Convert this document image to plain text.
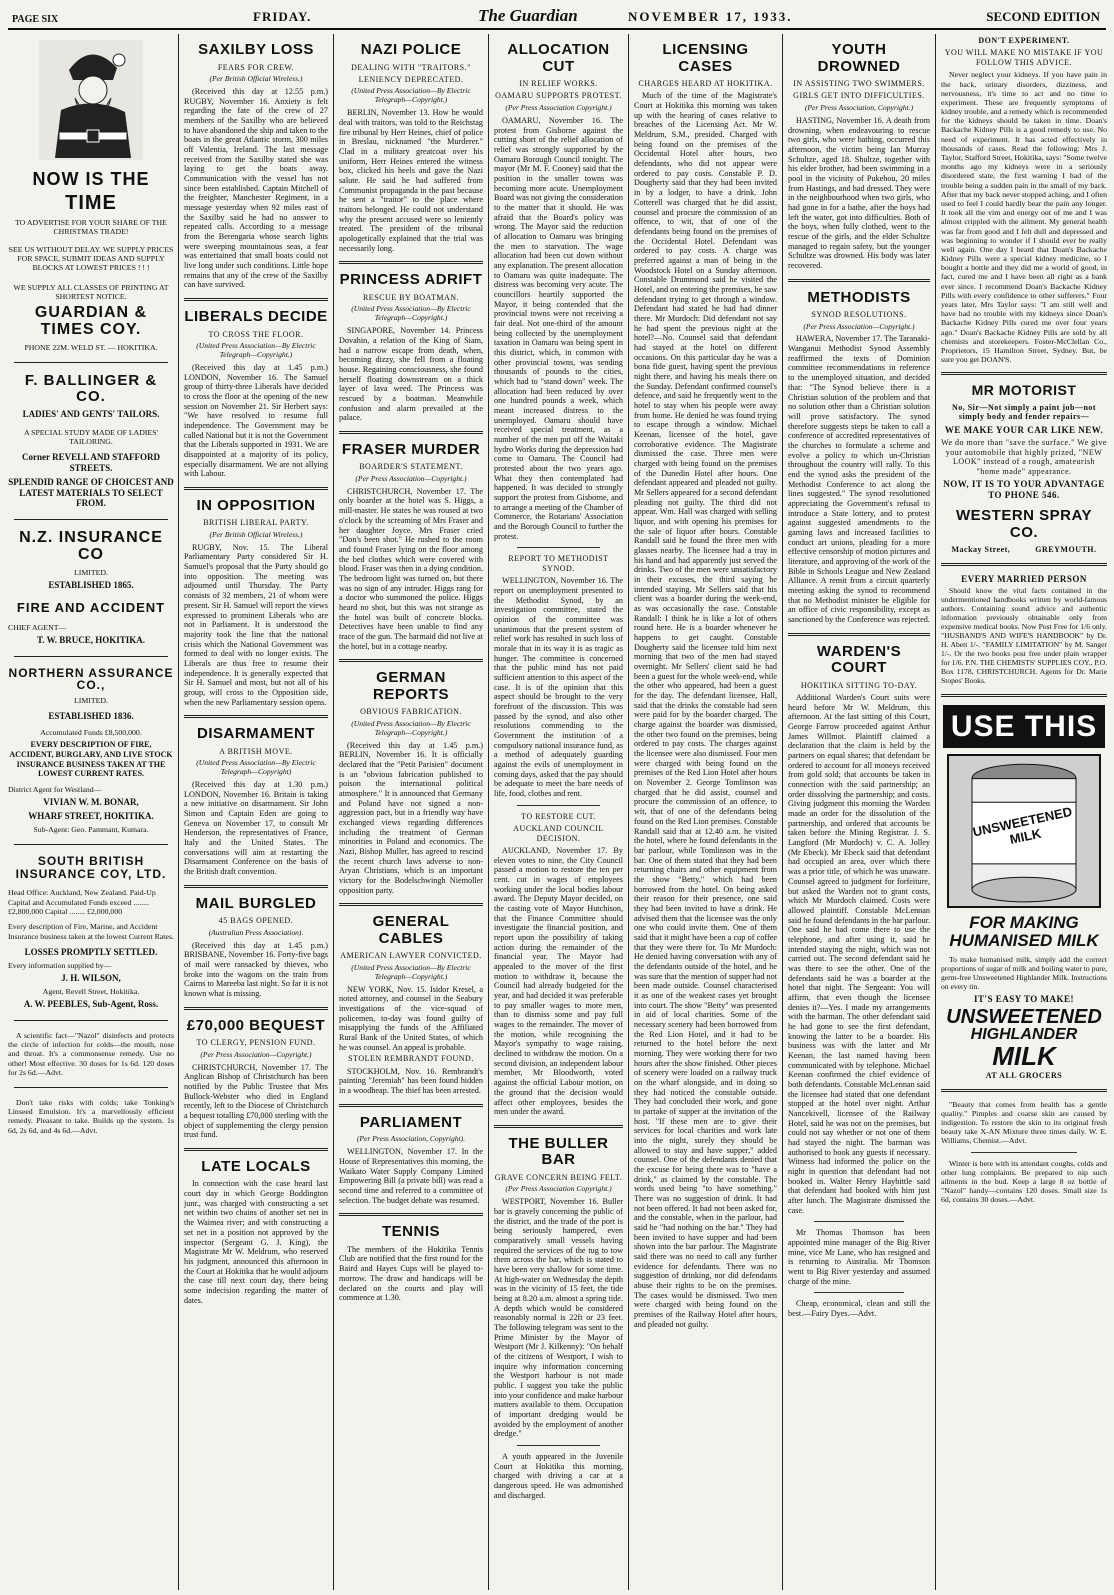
PAGE SIX	FRIDAY.	The Guardian	NOVEMBER 17, 1933.	SECOND EDITION
NOW IS THE
TIME
TO ADVERTISE FOR YOUR SHARE OF THE CHRISTMAS TRADE!
SEE US WITHOUT DELAY. WE SUPPLY PRICES FOR SPACE, SUBMIT IDEAS AND SUPPLY BLOCKS AT LOWEST PRICES ! ! !
WE SUPPLY ALL CLASSES OF PRINTING AT SHORTEST NOTICE.
GUARDIAN & TIMES COY.
PHONE 22M. WELD ST. — HOKITIKA.
F. BALLINGER & CO.
LADIES' AND GENTS' TAILORS.
A SPECIAL STUDY MADE OF LADIES' TAILORING.
Corner REVELL AND STAFFORD STREETS.
SPLENDID RANGE OF CHOICEST AND LATEST MATERIALS TO SELECT FROM.
N.Z. INSURANCE CO
LIMITED.
ESTABLISHED 1865.
FIRE AND ACCIDENT
CHIEF AGENT—
T. W. BRUCE, HOKITIKA.
NORTHERN ASSURANCE CO.,
LIMITED.
ESTABLISHED 1836.
Accumulated Funds £8,500,000.
EVERY DESCRIPTION OF FIRE, ACCIDENT, BURGLARY, AND LIVE STOCK INSURANCE BUSINESS TAKEN AT THE LOWEST CURRENT RATES.
District Agent for Westland—
VIVIAN W. M. BONAR,
WHARF STREET, HOKITIKA.
Sub-Agent: Geo. Pammant, Kumara.
SOUTH BRITISH INSURANCE COY, LTD.
Head Office: Auckland, New Zealand. Paid-Up Capital and Accumulated Funds exceed ........ £2,800,000 Capital ........ £2,000,000
Every description of Fire, Marine, and Accident Insurance business taken at the lowest Current Rates.
LOSSES PROMPTLY SETTLED.
Every information supplied by—
J. H. WILSON,
Agent, Revell Street, Hokitika.
A. W. PEEBLES, Sub-Agent, Ross.

A scientific fact—"Nazol" disinfects and protects the circle of infection for colds—the mouth, nose and throat. It's a commonsense remedy. Use no other! Most effective. 30 doses for 1s 6d. 120 doses for 2s 6d.—Advt.

Don't take risks with colds; take Tonking's Linseed Emulsion. It's a marvellously efficient remedy. Pleasant to take. Builds up the system. 1s 6d, 2s 6d, and 4s 6d.—Advt.

SAXILBY LOSS
FEARS FOR CREW.
(Per British Official Wireless.)

(Received this day at 12.55 p.m.) RUGBY, November 16. Anxiety is felt regarding the fate of the crew of 27 members of the Saxilby who are believed to have abandoned the ship and taken to the boats in the great Atlantic storm, 300 miles off Valentia, Ireland. The last message received from the Saxilby stated she was laying to get the boats away. Communication with the vessel has not since been established. Captain Mitchell of the freighter, Manchester Regiment, in a message yesterday when 92 miles east of the Saxilby said he had no answer to repeated calls. According to a message from the Berengaria whose search lights were sweeping mountainous seas, a fear was entertained that small boats could not live long under such conditions. Little hope remains that any of the crew of the Saxilby can have survived.

LIBERALS DECIDE
TO CROSS THE FLOOR.
(United Press Association—By Electric Telegraph—Copyright.)

(Received this day at 1.45 p.m.) LONDON, November 16. The Samuel group of thirty-three Liberals have decided to cross the floor at the opening of the new session on November 21. Sir Herbert says: "We have resolved to resume full independence. The Government may be called National but it is not the Government that the Liberals supported in 1931. We are disappointed at a majority of its policy, especially disarmament. We are not allying with Labour.

IN OPPOSITION
BRITISH LIBERAL PARTY.
(Per British Official Wireless.)

RUGBY, Nov. 15. The Liberal Parliamentary Party considered Sir H. Samuel's proposal that the Party should go into opposition. The meeting was adjourned until Thursday. The Party consists of 32 members, 21 of whom were present. Sir H. Samuel will report the views expressed to prominent Liberals who are not in Parliament. It is understood the majority took the line that the national crisis which the National Government was formed to deal with no longer exists. The Liberals are thus free to resume their independence. It is generally expected that Sir H. Samuel and most, but not all of his group, will cross to the Opposition side, when the new Parliamentary session opens.

DISARMAMENT
A BRITISH MOVE.
(United Press Association—By Electric Telegraph—Copyright)

(Received this day at 1.30 p.m.) LONDON, November 16. Britain is taking a new initiative on disarmament. Sir John Simon and Captain Eden are going to Geneva on November 17, to consult Mr Henderson, the representatives of France, Italy and the United States. The conversations will aim at restarting the Disarmament Conference on the basis of the British draft convention.

MAIL BURGLED
45 BAGS OPENED.
(Australian Press Association).

(Received this day at 1.45 p.m.) BRISBANE, November 16. Forty-five bags of mail were ransacked by thieves, who broke into the wagons on the train from Cairns to Mareeba last night. So far it is not known what is missing.

£70,000 BEQUEST
TO CLERGY, PENSION FUND.
(Per Press Association—Copyright.)

CHRISTCHURCH, November 17. The Anglican Bishop of Christchurch has been notified by the Public Trustee that Mrs Bullock-Webster who died in England recently, left to the Diocese of Christchurch a bequest totalling £70,000 sterling with the object of supplementing the clergy pension trust fund.

LATE LOCALS

In connection with the case heard last court day in which George Boddington junr., was charged with constructing a set net within two chains of another set net in the Waimea river; and with constructing a set net in a position not approved by the inspector (Sergeant G. J. King), the Magistrate Mr W. Meldrum, who reserved his judgment, announced this afternoon in the Court at Hokitika that he would adjourn the case till next court day, there being some indecision regarding the matter of dates.

NAZI POLICE
DEALING WITH "TRAITORS."
LENIENCY DEPRECATED.
(United Press Association—By Electric Telegraph—Copyright.)

BERLIN, November 13. How he would deal with traitors, was told to the Reichstag fire tribunal by Herr Heines, chief of police in Breslau, nicknamed "the Murderer." Clad in a military greatcoat over his uniform, Herr Heines entered the witness box, clicked his heels and gave the Nazi salute. He said he had suffered from Communist propaganda in the past because he sent a "traitor" to the place where traitors belonged. He could not understand why the present accused were so leniently treated. The president of the tribunal apologetically explained that the trial was necessarily long.

PRINCESS ADRIFT
RESCUE BY BOATMAN.
(United Press Association—By Electric Telegraph—Copyright.)

SINGAPORE, November 14. Princess Dovahin, a relation of the King of Siam, had a narrow escape from death, when, becoming dizzy, she fell from a floating house. Regaining consciousness, she found herself floating downstream on a thick layer of lava weed. The Princess was rescued by a boatman. Meanwhile confusion and alarm prevailed at the palace.

FRASER MURDER
BOARDER'S STATEMENT.
(Per Press Association—Copyright.)

CHRISTCHURCH, November 17. The only boarder at the hotel was S. Higgs, a mill-master. He states he was roused at two o'clock by the screaming of Mrs Fraser and her daughter Joyce. Mrs Fraser cried "Don's been shot." He rushed to the room and found Fraser lying on the floor among the bed clothes which were covered with blood. Fraser was then in a dying condition. The bedroom light was turned on, but there was no sign of any intruder. Higgs rang for a doctor who summoned the police. Higgs heard no shot, but this was not strange as the hotel was built of concrete blocks. Detectives have been unable to find any trace of the gun. The harmaid did not live at the hotel, but in a cottage nearby.

GERMAN REPORTS
OBVIOUS FABRICATION.
(United Press Association—By Electric Telegraph—Copyright.)

(Received this day at 1.45 p.m.) BERLIN, November 16. It is officially declared that the "Petit Parisien" document is an "obvious fabrication published to poison the international political atmosphere." It is announced that Germany and Poland have not signed a non-aggression pact, but in a friendly way have exchanged views regarding differences including the treatment of German minorities in Poland and economics. The Nazi, Bishop Muller, has agreed to rescind the recent church laws adverse to non-Aryan Christians, which is an important victory for the Bodelschwingh Niemoller opposition party.

GENERAL CABLES
AMERICAN LAWYER CONVICTED.
(United Press Association—By Electric Telegraph—Copyright.)

NEW YORK, Nov. 15. Isidor Kresel, a noted attorney, and counsel in the Seabury investigations of the vice-squad of policemen, to-day was found guilty of misapplying the funds of the Affiliated Rural Bank of the United States, of which he was counsel. An appeal is probable.

STOLEN REMBRANDT FOUND.

STOCKHOLM, Nov. 16. Rembrandt's painting "Jeremiah" has been found hidden in a woodheap. The thief has been arrested.

PARLIAMENT
(Per Press Association, Copyright).

WELLINGTON, November 17. In the House of Representatives this morning, the Waikato Water Supply Company Limited Empowering Bill (a private bill) was read a second time and referred to a committee of selection. The budget debate was resumed.

TENNIS

The members of the Hokitika Tennis Club are notified that the first round for the Baird and Hayes Cups will be played to-morrow. The draw and handicaps will be declared on the courts and play will commence at 1.30.

ALLOCATION CUT
IN RELIEF WORKS.
OAMARU SUPPORTS PROTEST.
(Per Press Association Copyright.)

OAMARU, November 16. The protest from Gisborne against the cutting short of the relief allocation of relief was strongly supported by the Oamaru Borough Council tonight. The mayor (Mr M. F. Cooney) said that the position in the smaller towns was becoming more acute. Unemployment Board was not giving the consideration to the matter that it should. He was afraid that the Board's policy was wrong. The Mayor said the reduction of allocation to Oamaru was bringing the men to starvation. The wage allocation had been cut down without any explanation. The present allocation to Oamaru was quite inadequate. The distress was becoming very acute. The councillors heartily supported the Mayor, it being contended that the provincial towns were not receiving a fair deal. Not one-third of the amount being collected by the unemployment taxation in Oamaru was being spent in this district, which, in common with other provincial towns, was sending thousands of pounds to the cities, which had to "stand down" week. The allocation had been reduced by over one hundred pounds a week, which meant increased distress to the unemployed. Oamaru should have received special treatment, as a number of the men put off the Waitaki hydro Works during the depression had come to Oamaru. The Council had protested about the two years ago. What they then contemplated had happened. It was decided to strongly support the protest from Gisborne, and to arrange a meeting of the Chamber of Commerce, the Rotarians' Association and the Borough Council to further the protest.

REPORT TO METHODIST SYNOD.

WELLINGTON, November 16. The report on unemployment presented to the Methodist Synod, by an investigation committee, stated the opinion of the committee was unanimous that the present system of relief work has resulted in such loss of morale that in its way it is as tragic as hunger. The committee is concerned that the public mind has not paid sufficient attention to this aspect of the case. It is of the opinion that this aspect should be brought to the very forefront of the discussion. This was passed by the synod, and also other resolutions commending to the Government the institution of a compulsory national insurance fund, as a method of adequately guarding against the evils of unemployment in coming days, asked that the pay should be adequate to meet the bare needs of life, food, clothes and rent.

TO RESTORE CUT.
AUCKLAND COUNCIL DECISION.

AUCKLAND, November 17. By eleven votes to nine, the City Council passed a motion to restore the ten per cent. cut in wages of employees working under the local bodies labour award. The Deputy Mayor decided, on the casting vote of Mayor Hutchison, that the Finance Committee should investigate the financial position, and report upon the possibility of taking action during the remainder of the financial year. The Mayor had appealed to the mover of the first motion to withdraw it, because the Council had already budgeted for the year, and had decided it was preferable to pay smaller wages to more men, than to dismiss some and pay full wages to the remainder. The mover of the motion, while recognising the Mayor's sympathy to wage raising, declined to withdraw the motion. On a second division, an independent labour member, Mr Bloodworth, voted against the official Labour motion, on the ground that the decision would affect other employees, besides the men under the award.

THE BULLER BAR
GRAVE CONCERN BEING FELT.
(Per Press Association Copyright.)

WESTPORT, November 16. Buller bar is gravely concerning the public of the district, and the trade of the port is being seriously hampered, even comparatively small vessels having required the services of the tug to tow them across the bar, which is stated to have been very shallow for some time. At high-water on Wednesday the depth was in the vicinity of 15 feet, the tide being at 8.20 a.m. almost a spring tide. A depth which would be considered reasonably normal is 22ft or 23 feet. The following telegram was sent to the Prime Minister by the Mayor of Westport (Mr J. Kilkenny): "On behalf of the citizens of Westport, I wish to inquire why information concerning the Westport harbour is not made public. I suggest you take the public into your confidence and make harbour matters available to them. Occupation of important dredging would be avoided by the employment of another dredge."

A youth appeared in the Juvenile Court at Hokitika this morning, charged with driving a car at a dangerous speed. He was admonished and discharged.

LICENSING CASES
CHARGES HEARD AT HOKITIKA.

Much of the time of the Magistrate's Court at Hokitika this morning was taken up with the hearing of cases relative to breaches of the Licensing Act. Mr W. Meldrum, S.M., presided. Charged with being found on the premises of the Occidental Hotel after hours, two defendants, who did not appear were ordered to pay costs. Constable P. D. Dougherty said that they had been invited in by a lodger, to have a drink. John Cotterell was charged that he did assist, counsel and procure the commission of an offence, to wit, that of one of the defendants being found on the premises of the Occidental Hotel. Defendant was ordered to pay costs. A charge was preferred against a man of being in the Woodstock Hotel on a Sunday afternoon. Constable Drummond said he visited the Hotel, and on entering the premises, he saw defendant trying to get through a window. Defendant had stated he had had dinner there. Mr Murdoch: Did defendant not say he had spent the previous night at the hotel?—No. Counsel said that defendant had stayed at the hotel on different occasions. On this particular day he was a bona fide guest, having spent the previous night there, and having his meals there on the Sunday. Defendant confirmed counsel's defence, and said he frequently went to the hotel to stay when his people were away from home. He denied he was found trying to escape through a window. Michael Keenan, licensee of the hotel, gave corroborative evidence. The Magistrate dismissed the case. Three men were charged with being found on the premises of the Dunedin Hotel after hours. One defendant appeared and pleaded not guilty. Mr Sellers appeared for a second defendant pleading not guilty. The third did not appear. Wm. Hall was charged with selling liquor, and with opening his premises for the sale of liquor after hours. Constable Randall said he found the three men with glasses nearby. The licensee had a tray in his hand and had apparently just served the drinks. Two of the men were unsatisfactory in their excuses, the third saying he intended staying. Mr Sellers said that his client was a boarder during the week-end, as was occasionally the case. Constable Randall: I think he is like a lot of others round here. He is a boarder whenever he happens to get caught. Constable Dougherty said the licensee told him next morning that two of the men had stayed overnight. Mr Sellers' client said he had been a guest for the whole week-end, while the other who appeared, had been a guest for the day. The defendant licensee, Hall, said that the drinks the constable had seen were paid for by the boarder charged. The charge against the boarder was dismissed, the other two found on the premises, being ordered to pay costs. The charges against the licensee were also dismissed. Four men were charged with being found on the premises of the Red Lion Hotel after hours on November 2. George Tomlinson was charged that he did assist, counsel and procure the commission of an offence, to wit, that of one of the defendants being found on the Red Lion premises. Constable Randall said that at 12.40 a.m. he visited the hotel, where he found defendants in the bar parlour, while Tomlinson was in the bar. One of them stated that they had been returning chairs and other equipment from the show "Betty," which had been borrowed from the hotel. On being asked their reason for their presence, one said they had been invited to have a drink. He advised them that the licensee was the only one who could invite them. One of them said that it might have been a cup of coffee that they were there for. To Mr Murdoch: He denied having conversation with any of the defendants outside of the hotel, and he was sure that the mention of supper had not been made outside. Counsel characterised it as one of the weakest cases yet brought into court. The show "Betty" was presented in aid of local charities. Some of the necessary scenery had been borrowed from the Red Lion Hotel, and it had to be returned to the hotel before the next morning. They were working there for two hours after the show finished. Other pieces of scenery were loaded on a railway truck on the wharf alongside, and in doing so they had noticed the constable outside. They had concluded their work, and gone to partake of supper at the invitation of the host. "If these men are to give their services for local charities and work late into the night, surely they should be allowed to stay and have supper," added counsel. One of the defendants denied that the excuse for being there was to "have a drink," as claimed by the constable. The words used being "to have something." There was no suggestion of drink. It had not been offered. It had not been asked for, and the constable, when in the parlour, had said he "had nothing on the bar." They had been invited to have supper and had been shown into the bar parlour. The Magistrate said there was no need to call any further evidence for defendants. There was no suggestion of drinking, nor did defendants abuse their rights to be on the premises. The cases would be dismissed. Two men were charged with being found on the premises of the Railway Hotel after hours, and pleaded not guilty.

YOUTH DROWNED
IN ASSISTING TWO SWIMMERS.
GIRLS GET INTO DIFFICULTIES.
(Per Press Association, Copyright.)

HASTING, November 16. A death from drowning, when endeavouring to rescue two girls, who were bathing, occurred this afternoon, the victim being Ian Murray Schultze, aged 18. Shultze, together with his elder brother, had been swimming in a pool in the vicinity of Pukehou, 20 miles from Hastings, and had dressed. They were in the neighbourhood when two girls, who had gone in for a bathe, after the boys had left the water, got into difficulties. Both of the boys, when fully clothed, went to the rescue of the girls, and the elder Schultze managed to regain safety, but the younger Schultze was drowned. His body was later recovered.

METHODISTS
SYNOD RESOLUTIONS.
(Per Press Association—Copyright.)

HAWERA, November 17. The Taranaki-Wanganui Methodist Synod Assembly reaffirmed the texts of Dominion committee recommendations in reference to the unemployed situation, and decided that: "The Synod believe there is a Christian solution of the problem and that no solution other than a Christian solution will prove satisfactory. The synod therefore suggests steps be taken to call a conference of accredited representatives of the churches to formulate a scheme and evolve a policy to which un-Christian throughout the country will rally. To this end the synod asks the president of the Methodist Conference to act along the lines suggested." The synod resolutioned appreciating the Government's refusal to introduce a State lottery, and to protest against suggested amendments to the gaming laws and increased facilities to conduct art unions, pleading for a more effective censorship of motion pictures and literature, and approving of the work of the Bible in Schools League and New Zealand Alliance. A remit from a circuit quarterly meeting asking the synod to recommend that no Methodist minister be eligible for an office of civic responsibility, except as sanctioned by the Conference was rejected.

WARDEN'S COURT
HOKITIKA SITTING TO-DAY.

Additional Warden's Court suits were heard before Mr W. Meldrum, this afternoon. At the last sitting of this Court, George Farrow proceeded against Arthur James Willmot. Plaintiff claimed a declaration that the claim is held by the partners on equal shares; that defendant be ordered to account for all moneys received from gold sold; that accounts be taken in connection with the said partnership; an order dissolving the partnership; and costs. Giving judgment this morning the Warden made an order for the dissolution of the partnership, and ordered that accounts be taken before the Mining Registrar. J. S. Langford (Mr Murdoch) v. C. A. Jolley (Mr Ebeck). Mr Ebeck said that defendant had occupied an area, over which there was a prior title, of which he was unaware. Counsel agreed to judgment for forfeiture, but asked the Warden not to grant costs, which Mr Murdoch claimed. Costs were allowed plaintiff. Constable McLennan said he found defendants in the bar parlour. One said he had come there to use the telephone, and after using it, said he intended staying the night, which was not carried out. The second defendant said he was there to see the other. One of the defendants said he was a boarder at the hotel that night. The Sergeant: You will affirm, that even though the licensee denies it?—Yes. I made my arrangements with the barman. The other defendant said he had gone to see the first defendant, knowing the latter to be a boarder. His business was with the latter and Mr Keenan, the last named having been communicated with by telephone. Michael Keenan confirmed the chief evidence of both defendants. Constable McLennan said the licensee had stated that one defendant stopped at the hotel over night. Arthur Nancekivell, licensee of the Railway Hotel, said he was not on the premises, but could not say whether or not one of them had stayed the night. The barman was authorised to book any guests if necessary. Witness had informed the police on the night in question that defendant had not booked in. Walter Henry Haybittle said that defendant had booked with him just after lunch. The Magistrate dismissed the case.

Mr Thomas Thomson has been appointed mine manager of the Big River mine, vice Mr Lane, who has resigned and is returning to Australia. Mr Thomson went to Big River yesterday and assumed charge of the mine.

Cheap, economical, clean and still the best.—Fairy Dyes.—Advt.

DON'T EXPERIMENT.
YOU WILL MAKE NO MISTAKE IF YOU FOLLOW THIS ADVICE.

Never neglect your kidneys. If you have pain in the back, urinary disorders, dizziness, and nervousness, it's time to act and no time to experiment. These are frequently symptoms of kidney trouble, and a remedy which is recommended for the kidneys should be taken in time. Doan's Backache Kidney Pills is a good remedy to use. No need of experiment. It has acted effectively in thousands of cases. Read the following: Mrs J. Taylor, Stafford Street, Hokitika, says: "Some twelve months ago my kidneys were in a seriously disordered state, the first warning I had of the trouble being a sudden pain in the small of my back. After that my back never stopped aching, and I often used to feel I could hardly bear the pain any longer. It took all the vim and energy out of me and I was almost crippled with the ailment. My general health was far from good and I felt dull and depressed and was beginning to wonder if I should ever be really well again. One day I heard that Doan's Backache Kidney Pills were a special kidney medicine, so I bought a bottle and they did me a world of good, in fact, cured me and I have been all right as a bank ever since. I recommend Doan's Backache Kidney Pills with every confidence to other sufferers." Four years later, Mrs Taylor says: "I am still well and have had no trouble with my kidneys since Doan's Backache Kidney Pills cured me over four years ago." Doan's Backache Kidney Pills are sold by all chemists and storekeepers. Foster-McClellan Co., Proprietors, 15 Hamilton Street, Sydney. But, be sure you get DOAN'S.

MR MOTORIST
No, Sir—Not simply a paint job—not simply body and fender repairs—
WE MAKE YOUR CAR LIKE NEW.
We do more than "save the surface." We give your automobile that highly prized, "NEW LOOK" instead of a rough, amateurish "home made" appearance.
NOW, IT IS TO YOUR ADVANTAGE TO PHONE 546.
WESTERN SPRAY CO.
Mackay Street,          GREYMOUTH.
EVERY MARRIED PERSON

Should know the vital facts contained in the undermentioned handbooks written by world-famous authors. Containing sound advice and authentic information previously obtainable only from expensive medical books. Now Post Free for 1/6 only. "HUSBAND'S AND WIFE'S HANDBOOK" by Dr. H. Abett 1/-. "FAMILY LIMITATION" by M. Sanger 1/-. Or the two books post free under plain wrapper for 1/6. P.N. THE CHEMISTS' SUPPLIES COY., P.O. Box 1178, CHRISTCHURCH. Agents for Dr. Marie Stopes' Books.

USE THIS
UNSWEETENED MILK
FOR MAKING HUMANISED MILK

To make humanised milk, simply add the correct proportions of sugar of milk and boiling water to pure, germ-free Unsweetened Highlander Milk. Instructions on every tin.

IT'S EASY TO MAKE!
UNSWEETENED
HIGHLANDER
MILK
AT ALL GROCERS

"Beauty that comes from health has a gentle quality." Pimples and coarse skin are caused by indigestion. To restore the skin to its original fresh beauty take X-AN Mixture three times daily. W. E. Williams, Chemist.—Advt.

Winter is here with its attendant coughs, colds and other lung complaints. Be prepared to nip such ailments in the bud. Keep a large 8 oz bottle of "Nazol" handy—contains 120 doses. Small size 1s 6d, contains 30 doses.—Advt.
